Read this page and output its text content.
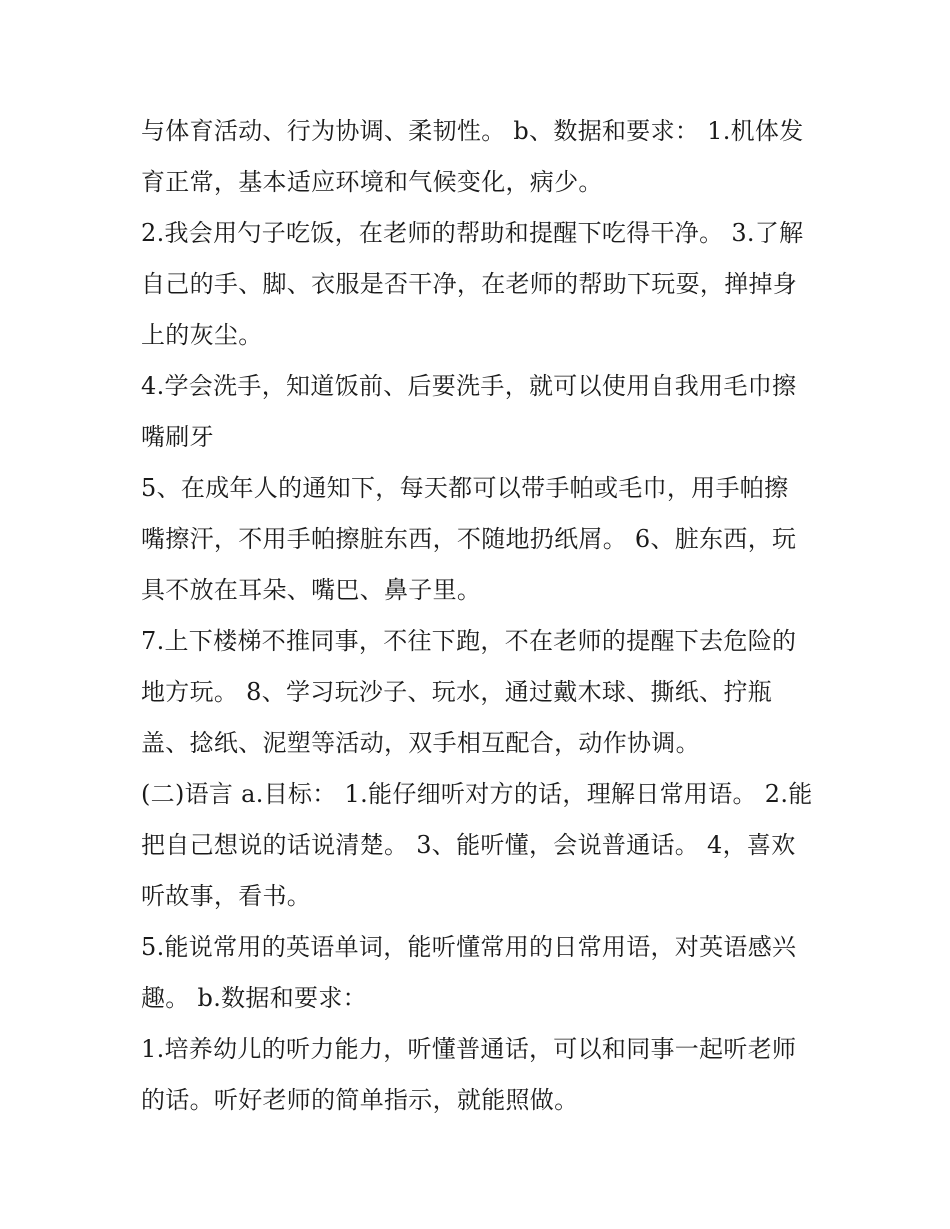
与体育活动、行为协调、柔韧性。 b、数据和要求： 1.机体发
育正常，基本适应环境和气候变化，病少。
2.我会用勺子吃饭，在老师的帮助和提醒下吃得干净。 3.了解
自己的手、脚、衣服是否干净，在老师的帮助下玩耍，掸掉身
上的灰尘。
4.学会洗手，知道饭前、后要洗手，就可以使用自我用毛巾擦
嘴刷牙
5、在成年人的通知下，每天都可以带手帕或毛巾，用手帕擦
嘴擦汗，不用手帕擦脏东西，不随地扔纸屑。 6、脏东西，玩
具不放在耳朵、嘴巴、鼻子里。
7.上下楼梯不推同事，不往下跑，不在老师的提醒下去危险的
地方玩。 8、学习玩沙子、玩水，通过戴木球、撕纸、拧瓶
盖、捻纸、泥塑等活动，双手相互配合，动作协调。
(二)语言 a.目标： 1.能仔细听对方的话，理解日常用语。 2.能
把自己想说的话说清楚。 3、能听懂，会说普通话。 4，喜欢
听故事，看书。
5.能说常用的英语单词，能听懂常用的日常用语，对英语感兴
趣。 b.数据和要求：
1.培养幼儿的听力能力，听懂普通话，可以和同事一起听老师
的话。听好老师的简单指示，就能照做。
